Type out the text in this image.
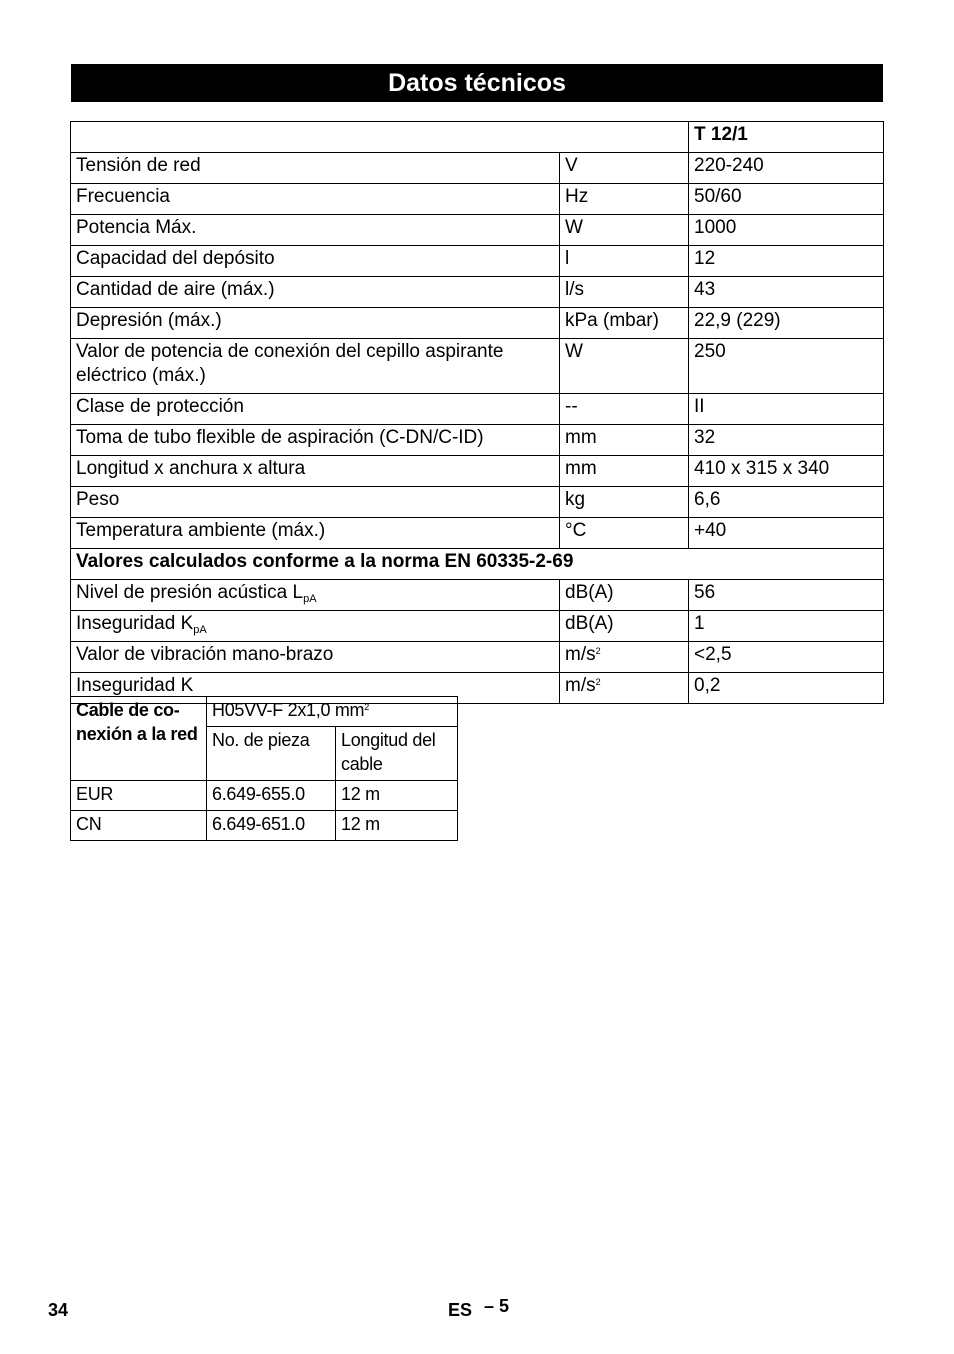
Datos técnicos
		T 12/1
Tensión de red	V	220-240
Frecuencia	Hz	50/60
Potencia Máx.	W	1000
Capacidad del depósito	l	12
Cantidad de aire (máx.)	l/s	43
Depresión (máx.)	kPa (mbar)	22,9 (229)
Valor de potencia de conexión del cepillo aspirante eléctrico (máx.)	W	250
Clase de protección	--	II
Toma de tubo flexible de aspiración (C-DN/C-ID)	mm	32
Longitud x anchura x altura	mm	410 x 315 x 340
Peso	kg	6,6
Temperatura ambiente (máx.)	°C	+40
Valores calculados conforme a la norma EN 60335-2-69		
Nivel de presión acústica $L_{pA}$	dB(A)	56
Inseguridad $K_{pA}$	dB(A)	1
Valor de vibración mano-brazo	$m/s^2$	<2,5
Inseguridad K	$m/s^2$	0,2
Cable de co-nexión a la red	H05VV-F 2x1,0 $mm^2$
	No. de pieza	Longitud del cable
EUR	6.649-655.0	12 m
CN	6.649-651.0	12 m
34	ES – 5
